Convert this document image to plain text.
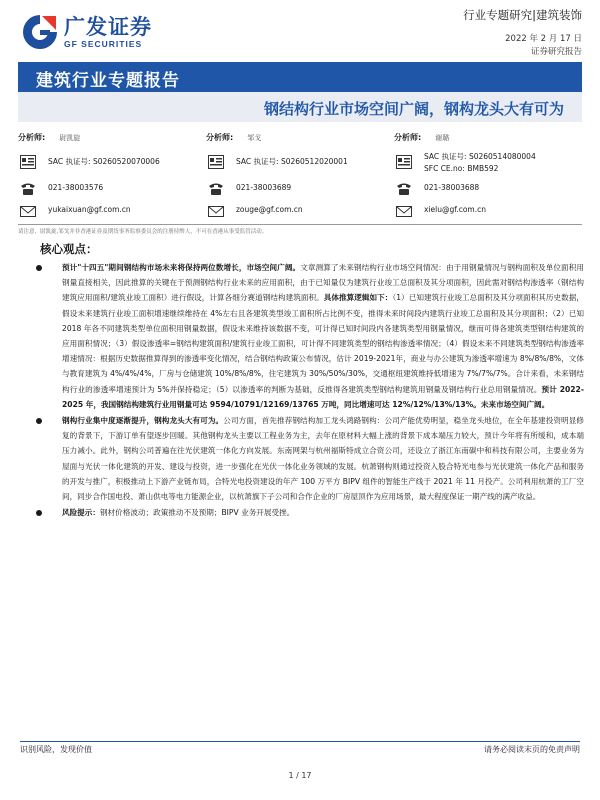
广发证券
GF SECURITIES
行业专题研究|建筑装饰
2022 年 2 月 17 日
证券研究报告
建筑行业专题报告
钢结构行业市场空间广阔，钢构龙头大有可为
分析师: 尉凯旋
SAC 执证号: S0260520070006
021-38003576
yukaixuan@gf.com.cn
分析师: 邹戈
SAC 执证号: S0260512020001
021-38003689
zouge@gf.com.cn
分析师: 谢璐
SAC 执证号: S0260514080004
SFC CE.no: BMB592
021-38003688
xielu@gf.com.cn
请注意，尉凯旋,邹戈并非香港证券及期货事务监察委员会的注册持牌人，不可在香港从事受监管活动。
核心观点：
预计"十四五"期间钢结构市场未来将保持两位数增长，市场空间广阔。文章测算了未来钢结构行业市场空间情况：由于用钢量情况与钢构面积及单位面积用钢量直接相关，因此推算的关键在于预测钢结构行业未来的应用面积，由于已知量仅为建筑行业竣工总面积及其分项面积，因此需对钢结构渗透率（钢结构建筑应用面积/建筑业竣工面积）进行假设，计算各细分赛道钢结构建筑面积。具体推算逻辑如下：（1）已知建筑行业竣工总面积及其分项面积其历史数据，假设未来建筑行业竣工面积增速继续维持在 4%左右且各建筑类型竣工面积所占比例不变，推得未来时间段内建筑行业竣工总面积及其分项面积；（2）已知 2018 年各不同建筑类型单位面积用钢量数据，假设未来维持该数据不变，可计得已知时间段内各建筑类型用钢量情况，继而可得各建筑类型钢结构建筑的应用面积情况；（3）假设渗透率=钢结构建筑面积/建筑行业竣工面积，可计得不同建筑类型的钢结构渗透率情况；（4）假设未来不同建筑类型钢结构渗透率增速情况：根据历史数据推算得到的渗透率变化情况，结合钢结构政策公布情况，估计 2019-2021年，商业与办公建筑为渗透率增速为 8%/8%/8%，文体与教育建筑为 4%/4%/4%，厂房与仓储建筑 10%/8%/8%，住宅建筑为 30%/50%/30%，交通枢纽建筑维持低增速为 7%/7%/7%。合计来看，未来钢结构行业的渗透率增速预计为 5%并保持稳定；（5）以渗透率的判断为基础，反推得各建筑类型钢结构建筑用钢量及钢结构行业总用钢量情况。预计 2022-2025 年，我国钢结构建筑行业用钢量可达 9594/10791/12169/13765 万吨，同比增速可达 12%/12%/13%/13%。未来市场空间广阔。
钢构行业集中度逐渐提升，钢构龙头大有可为。公司方面，首先推荐钢结构加工龙头鸿路钢构：公司产能优势明显，稳坐龙头地位，在全年基建投资明显修复的背景下，下游订单有望逐步回暖。其他钢构龙头主要以工程业务为主，去年在原材料大幅上涨的背景下成本端压力较大，预计今年将有所缓和，成本端压力减小。此外，钢构公司普遍在往光伏建筑一体化方向发展。东南网架与杭州福斯特成立合资公司，还设立了浙江东南碳中和科技有限公司，主要业务为屋面与光伏一体化建筑的开发、建设与投资，进一步强化在光伏一体化业务领域的发展。杭萧钢构则通过投资入股合特光电参与光伏建筑一体化产品和服务的开发与推广，积极推动上下游产业链布局，合特光电投资建设的年产 100 万平方 BIPV 组件的智能生产线于 2021 年 11 月投产。公司利用杭萧的工厂空间，同步合作国电投、萧山供电等电力能源企业，以杭萧旗下子公司和合作企业的厂房屋顶作为应用场景，最大程度保证一期产线的满产收益。
风险提示：钢材价格波动；政策推动不及预期；BIPV 业务开展受挫。
识别风险，发现价值	请务必阅读末页的免责声明
1 / 17
